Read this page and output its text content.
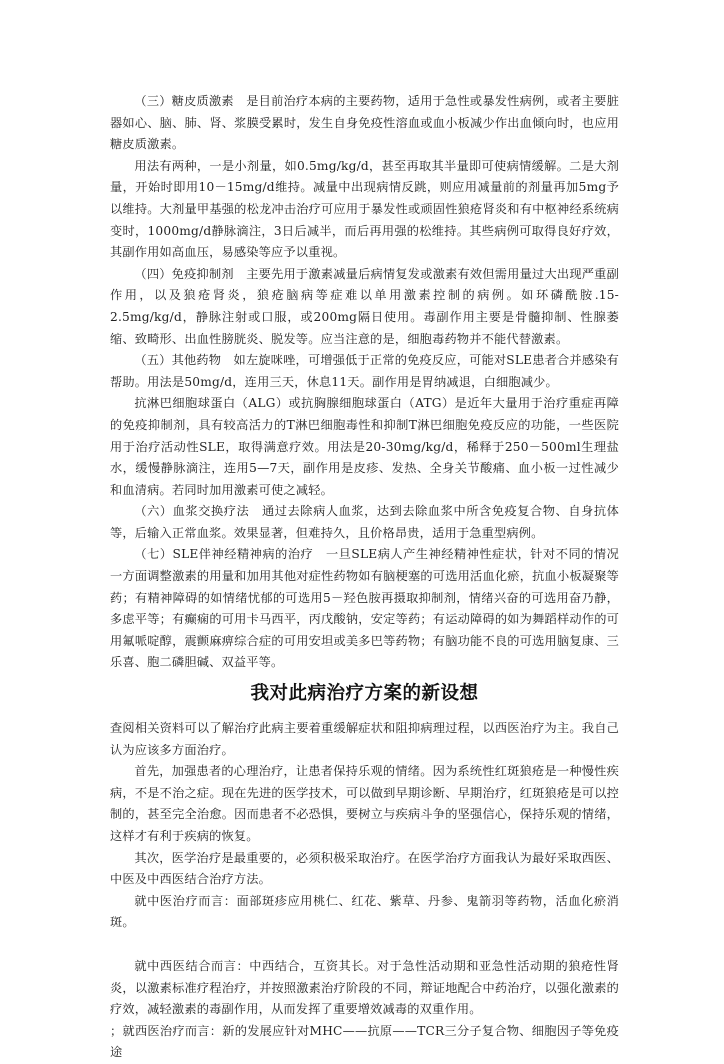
（三）糖皮质激素　是目前治疗本病的主要药物，适用于急性或暴发性病例，或者主要脏器如心、脑、肺、肾、浆膜受累时，发生自身免疫性溶血或血小板减少作出血倾向时，也应用糖皮质激素。

用法有两种，一是小剂量，如0.5mg/kg/d，甚至再取其半量即可使病情缓解。二是大剂量，开始时即用10－15mg/d维持。减量中出现病情反跳，则应用减量前的剂量再加5mg予以维持。大剂量甲基强的松龙冲击治疗可应用于暴发性或顽固性狼疮肾炎和有中枢神经系统病变时，1000mg/d静脉滴注，3日后减半，而后再用强的松维持。其些病例可取得良好疗效，其副作用如高血压，易感染等应予以重视。

（四）免疫抑制剂　主要先用于激素减量后病情复发或激素有效但需用量过大出现严重副作用，以及狼疮肾炎，狼疮脑病等症难以单用激素控制的病例。如环磷酰胺.15-2.5mg/kg/d，静脉注射或口服，或200mg隔日使用。毒副作用主要是骨髓抑制、性腺萎缩、致畸形、出血性膀胱炎、脱发等。应当注意的是，细胞毒药物并不能代替激素。

（五）其他药物　如左旋咪唑，可增强低于正常的免疫反应，可能对SLE患者合并感染有帮助。用法是50mg/d，连用三天，休息11天。副作用是胃纳减退，白细胞减少。

抗淋巴细胞球蛋白（ALG）或抗胸腺细胞球蛋白（ATG）是近年大量用于治疗重症再障的免疫抑制剂，具有较高活力的T淋巴细胞毒性和抑制T淋巴细胞免疫反应的功能，一些医院用于治疗活动性SLE，取得满意疗效。用法是20-30mg/kg/d，稀释于250－500ml生理盐水，缓慢静脉滴注，连用5—7天，副作用是皮疹、发热、全身关节酸痛、血小板一过性减少和血清病。若同时加用激素可使之减轻。

（六）血浆交换疗法　通过去除病人血浆，达到去除血浆中所含免疫复合物、自身抗体等，后输入正常血浆。效果显著，但难持久，且价格昂贵，适用于急重型病例。

（七）SLE伴神经精神病的治疗　一旦SLE病人产生神经精神性症状，针对不同的情况一方面调整激素的用量和加用其他对症性药物如有脑梗塞的可选用活血化瘀，抗血小板凝聚等药；有精神障碍的如情绪忧郁的可选用5－羟色胺再摄取抑制剂，情绪兴奋的可选用奋乃静，多虑平等；有癫痫的可用卡马西平，丙戊酸钠，安定等药；有运动障碍的如为舞蹈样动作的可用氟哌啶醇，震颤麻痹综合症的可用安坦或美多巴等药物；有脑功能不良的可选用脑复康、三乐喜、胞二磷胆碱、双益平等。

我对此病治疗方案的新设想

查阅相关资料可以了解治疗此病主要着重缓解症状和阻抑病理过程，以西医治疗为主。我自己认为应该多方面治疗。

首先，加强患者的心理治疗，让患者保持乐观的情绪。因为系统性红斑狼疮是一种慢性疾病，不是不治之症。现在先进的医学技术，可以做到早期诊断、早期治疗，红斑狼疮是可以控制的，甚至完全治愈。因而患者不必恐惧，要树立与疾病斗争的坚强信心，保持乐观的情绪，这样才有利于疾病的恢复。

其次，医学治疗是最重要的，必须积极采取治疗。在医学治疗方面我认为最好采取西医、中医及中西医结合治疗方法。

就中医治疗而言：面部斑疹应用桃仁、红花、紫草、丹参、鬼箭羽等药物，活血化瘀消斑。

就中西医结合而言：中西结合，互资其长。对于急性活动期和亚急性活动期的狼疮性肾炎，以激素标准疗程治疗，并按照激素治疗阶段的不同，辩证地配合中药治疗，以强化激素的疗效，减轻激素的毒副作用，从而发挥了重要增效减毒的双重作用。

；就西医治疗而言：新的发展应针对MHC——抗原——TCR三分子复合物、细胞因子等免疫途
